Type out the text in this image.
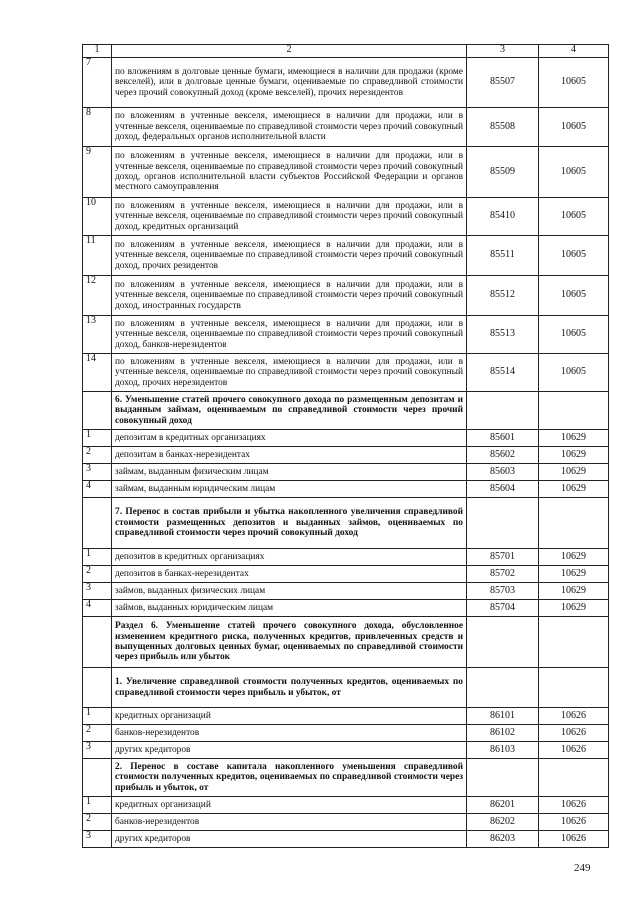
1	2	3	4
7	по вложениям в долговые ценные бумаги, имеющиеся в наличии для продажи (кроме векселей), или в долговые ценные бумаги, оцениваемые по справедливой стоимости через прочий совокупный доход (кроме векселей), прочих нерезидентов	85507	10605
8	по вложениям в учтенные векселя, имеющиеся в наличии для продажи, или в учтенные векселя, оцениваемые по справедливой стоимости через прочий совокупный доход, федеральных органов исполнительной власти	85508	10605
9	по вложениям в учтенные векселя, имеющиеся в наличии для продажи, или в учтенные векселя, оцениваемые по справедливой стоимости через прочий совокупный доход, органов исполнительной власти субъектов Российской Федерации и органов местного самоуправления	85509	10605
10	по вложениям в учтенные векселя, имеющиеся в наличии для продажи, или в учтенные векселя, оцениваемые по справедливой стоимости через прочий совокупный доход, кредитных организаций	85410	10605
11	по вложениям в учтенные векселя, имеющиеся в наличии для продажи, или в учтенные векселя, оцениваемые по справедливой стоимости через прочий совокупный доход, прочих резидентов	85511	10605
12	по вложениям в учтенные векселя, имеющиеся в наличии для продажи, или в учтенные векселя, оцениваемые по справедливой стоимости через прочий совокупный доход, иностранных государств	85512	10605
13	по вложениям в учтенные векселя, имеющиеся в наличии для продажи, или в учтенные векселя, оцениваемые по справедливой стоимости через прочий совокупный доход, банков-нерезидентов	85513	10605
14	по вложениям в учтенные векселя, имеющиеся в наличии для продажи, или в учтенные векселя, оцениваемые по справедливой стоимости через прочий совокупный доход, прочих нерезидентов	85514	10605
	6. Уменьшение статей прочего совокупного дохода по размещенным депозитам и выданным займам, оцениваемым по справедливой стоимости через прочий совокупный доход		
1	депозитам в кредитных организациях	85601	10629
2	депозитам в банках-нерезидентах	85602	10629
3	займам, выданным физическим лицам	85603	10629
4	займам, выданным юридическим лицам	85604	10629
	7. Перенос в состав прибыли и убытка накопленного увеличения справедливой стоимости размещенных депозитов и выданных займов, оцениваемых по справедливой стоимости через прочий совокупный доход		
1	депозитов в кредитных организациях	85701	10629
2	депозитов в банках-нерезидентах	85702	10629
3	займов, выданных физических лицам	85703	10629
4	займов, выданных юридическим лицам	85704	10629
	Раздел 6. Уменьшение статей прочего совокупного дохода, обусловленное изменением кредитного риска, полученных кредитов, привлеченных средств и выпущенных долговых ценных бумаг, оцениваемых по справедливой стоимости через прибыль или убыток		
	1. Увеличение справедливой стоимости полученных кредитов, оцениваемых по справедливой стоимости через прибыль и убыток, от		
1	кредитных организаций	86101	10626
2	банков-нерезидентов	86102	10626
3	других кредиторов	86103	10626
	2. Перенос в составе капитала накопленного уменьшения справедливой стоимости полученных кредитов, оцениваемых по справедливой стоимости через прибыль и убыток, от		
1	кредитных организаций	86201	10626
2	банков-нерезидентов	86202	10626
3	других кредиторов	86203	10626
249
